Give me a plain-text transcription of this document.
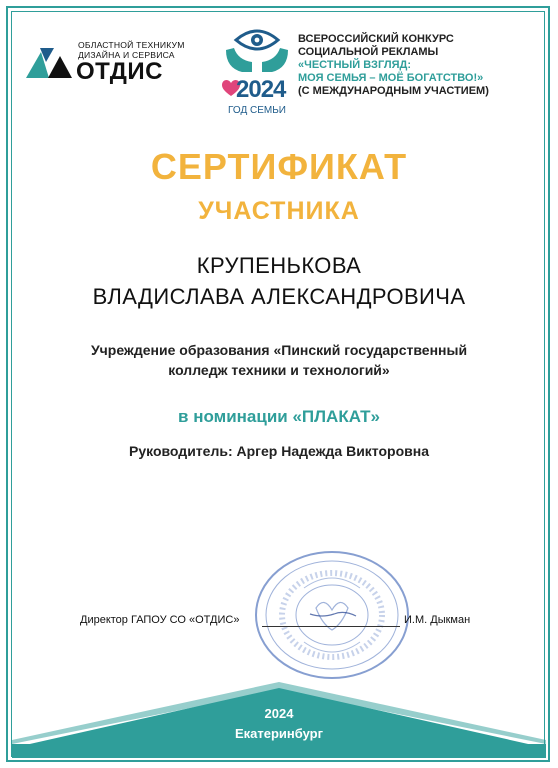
ОБЛАСТНОЙ ТЕХНИКУМ
ДИЗАЙНА И СЕРВИСА
ОТДИС
2024
ГОД СЕМЬИ
ВСЕРОССИЙСКИЙ КОНКУРС
СОЦИАЛЬНОЙ РЕКЛАМЫ
«ЧЕСТНЫЙ ВЗГЛЯД:
МОЯ СЕМЬЯ – МОЁ БОГАТСТВО!»
(С МЕЖДУНАРОДНЫМ УЧАСТИЕМ)
СЕРТИФИКАТ
УЧАСТНИКА
КРУПЕНЬКОВА
ВЛАДИСЛАВА АЛЕКСАНДРОВИЧА
Учреждение образования «Пинский государственный
колледж техники и технологий»
в номинации «ПЛАКАТ»
Руководитель: Аргер Надежда Викторовна
Директор ГАПОУ СО «ОТДИС»	И.М. Дыкман
2024
Екатеринбург
